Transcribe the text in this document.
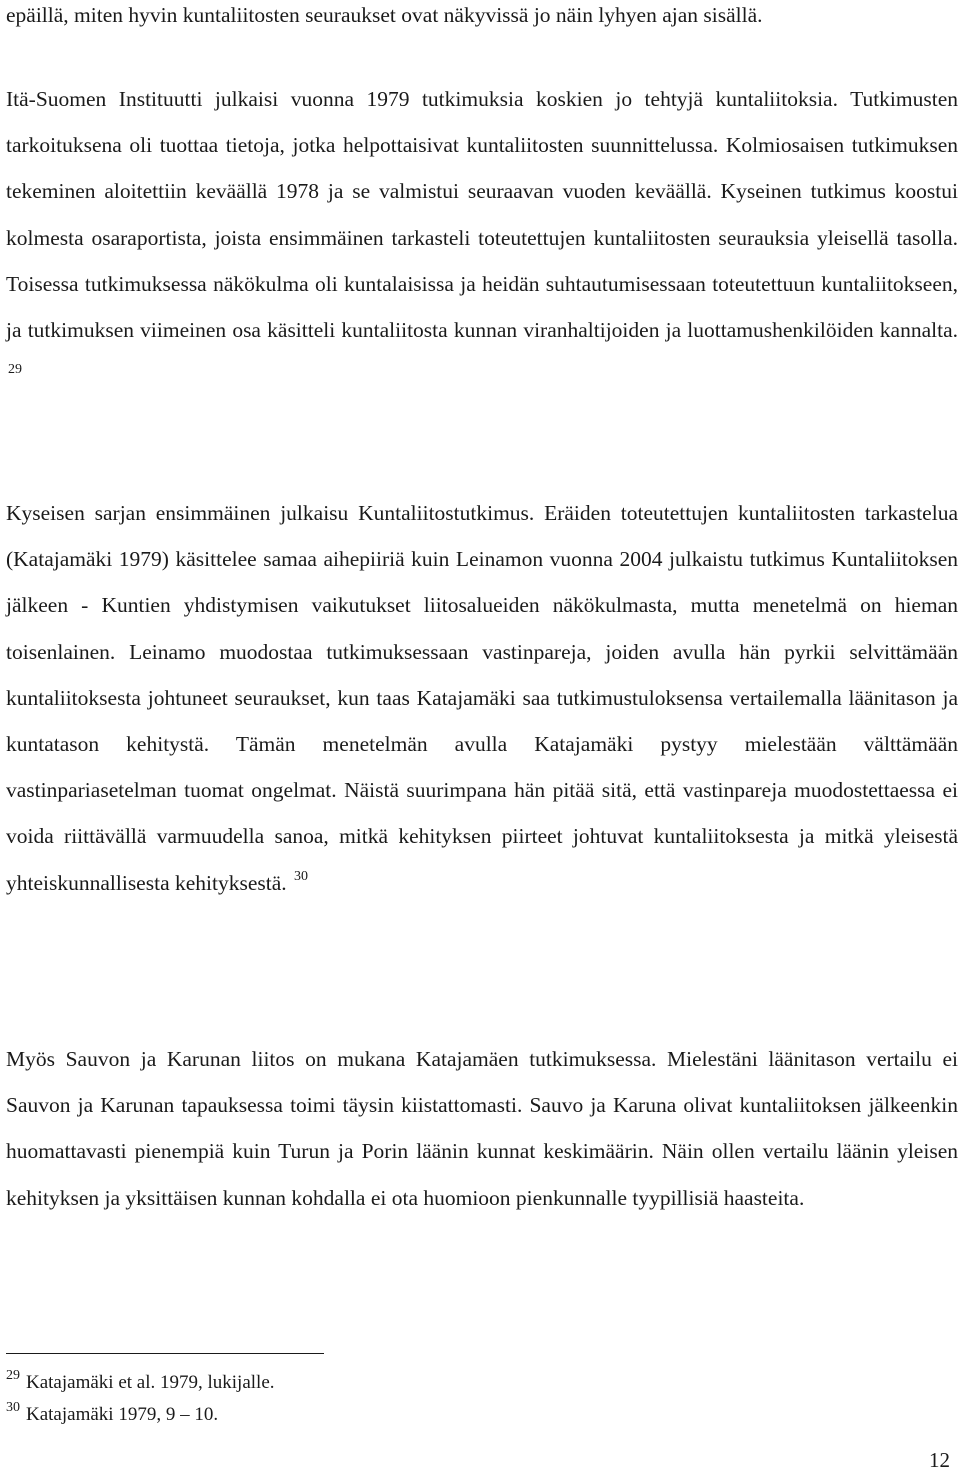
epäillä, miten hyvin kuntaliitosten seuraukset ovat näkyvissä jo näin lyhyen ajan sisällä.

Itä-Suomen Instituutti julkaisi vuonna 1979 tutkimuksia koskien jo tehtyjä kuntaliitoksia. Tutkimusten tarkoituksena oli tuottaa tietoja, jotka helpottaisivat kuntaliitosten suunnittelussa. Kolmiosaisen tutkimuksen tekeminen aloitettiin keväällä 1978 ja se valmistui seuraavan vuoden keväällä. Kyseinen tutkimus koostui kolmesta osaraportista, joista ensimmäinen tarkasteli toteutettujen kuntaliitosten seurauksia yleisellä tasolla. Toisessa tutkimuksessa näkökulma oli kuntalaisissa ja heidän suhtautumisessaan toteutettuun kuntaliitokseen, ja tutkimuksen viimeinen osa käsitteli kuntaliitosta kunnan viranhaltijoiden ja luottamushenkilöiden kannalta. $^{29}$

Kyseisen sarjan ensimmäinen julkaisu Kuntaliitostutkimus. Eräiden toteutettujen kuntaliitosten tarkastelua (Katajamäki 1979) käsittelee samaa aihepiiriä kuin Leinamon vuonna 2004 julkaistu tutkimus Kuntaliitoksen jälkeen - Kuntien yhdistymisen vaikutukset liitosalueiden näkökulmasta, mutta menetelmä on hieman toisenlainen. Leinamo muodostaa tutkimuksessaan vastinpareja, joiden avulla hän pyrkii selvittämään kuntaliitoksesta johtuneet seuraukset, kun taas Katajamäki saa tutkimustuloksensa vertailemalla läänitason ja kuntatason kehitystä. Tämän menetelmän avulla Katajamäki pystyy mielestään välttämään vastinpariasetelman tuomat ongelmat. Näistä suurimpana hän pitää sitä, että vastinpareja muodostettaessa ei voida riittävällä varmuudella sanoa, mitkä kehityksen piirteet johtuvat kuntaliitoksesta ja mitkä yleisestä yhteiskunnallisesta kehityksestä. $^{30}$

Myös Sauvon ja Karunan liitos on mukana Katajamäen tutkimuksessa. Mielestäni läänitason vertailu ei Sauvon ja Karunan tapauksessa toimi täysin kiistattomasti. Sauvo ja Karuna olivat kuntaliitoksen jälkeenkin huomattavasti pienempiä kuin Turun ja Porin läänin kunnat keskimäärin. Näin ollen vertailu läänin yleisen kehityksen ja yksittäisen kunnan kohdalla ei ota huomioon pienkunnalle tyypillisiä haasteita.

$^{29}$ Katajamäki et al. 1979, lukijalle.

$^{30}$ Katajamäki 1979, 9 – 10.

12
